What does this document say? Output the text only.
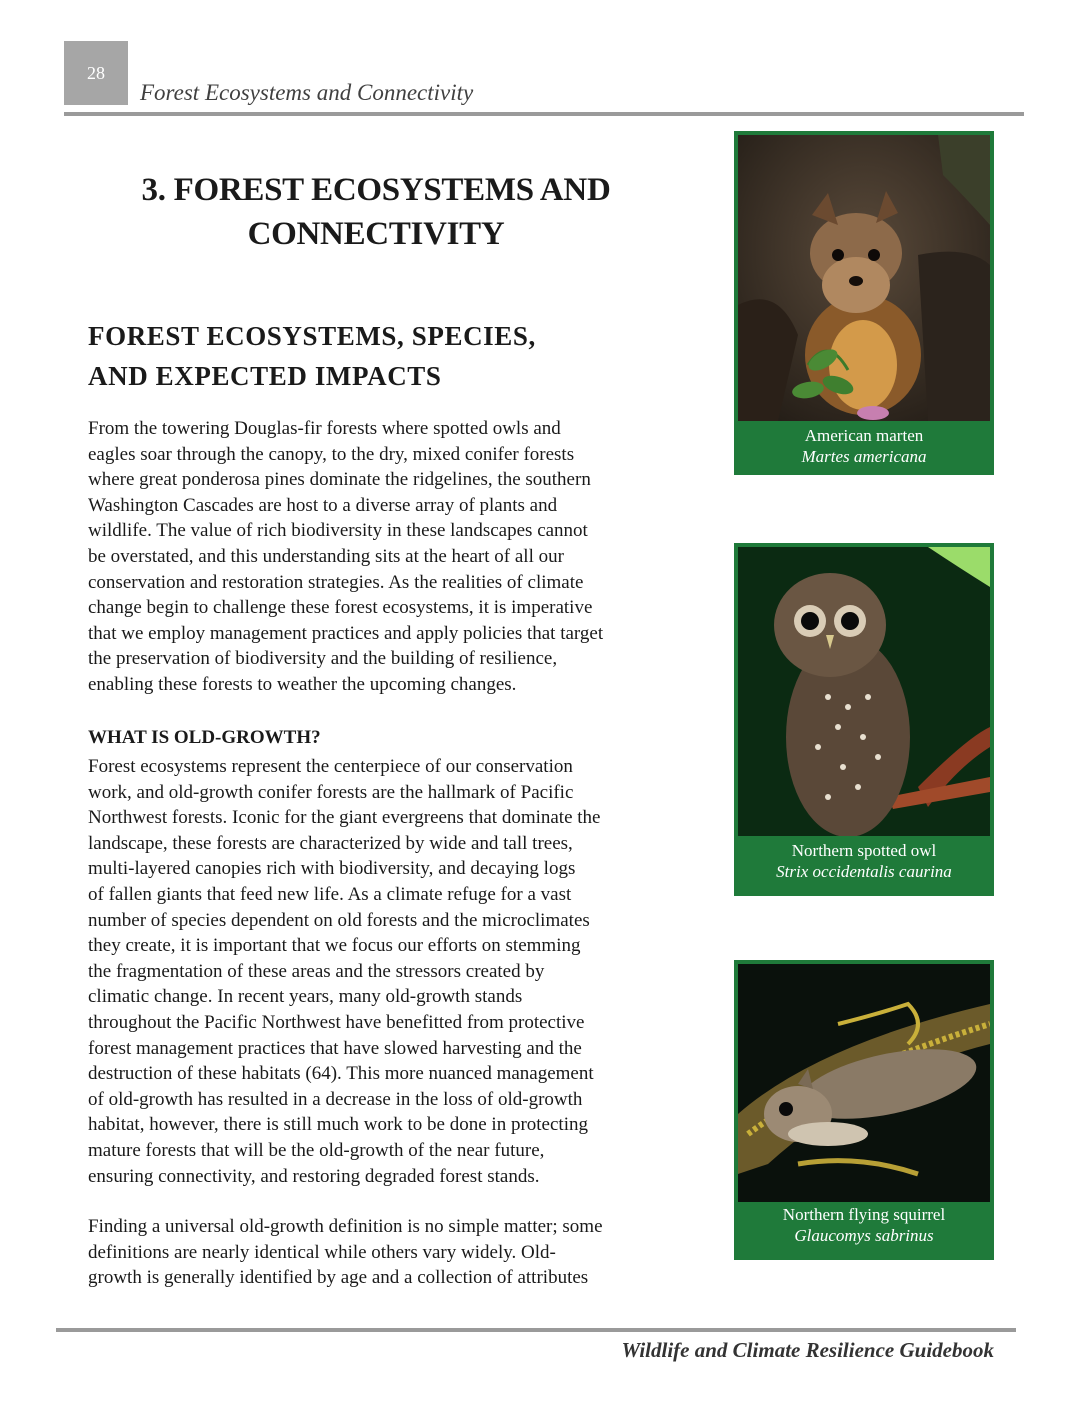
28
Forest Ecosystems and Connectivity
3. FOREST ECOSYSTEMS AND
CONNECTIVITY
FOREST ECOSYSTEMS, SPECIES,
AND EXPECTED IMPACTS
From the towering Douglas-fir forests where spotted owls and
eagles soar through the canopy, to the dry, mixed conifer forests
where great ponderosa pines dominate the ridgelines, the southern
Washington Cascades are host to a diverse array of plants and
wildlife. The value of rich biodiversity in these landscapes cannot
be overstated, and this understanding sits at the heart of all our
conservation and restoration strategies. As the realities of climate
change begin to challenge these forest ecosystems, it is imperative
that we employ management practices and apply policies that target
the preservation of biodiversity and the building of resilience,
enabling these forests to weather the upcoming changes.
WHAT IS OLD-GROWTH?
Forest ecosystems represent the centerpiece of our conservation
work, and old-growth conifer forests are the hallmark of Pacific
Northwest forests. Iconic for the giant evergreens that dominate the
landscape, these forests are characterized by wide and tall trees,
multi-layered canopies rich with biodiversity, and decaying logs
of fallen giants that feed new life. As a climate refuge for a vast
number of species dependent on old forests and the microclimates
they create, it is important that we focus our efforts on stemming
the fragmentation of these areas and the stressors created by
climatic change. In recent years, many old-growth stands
throughout the Pacific Northwest have benefitted from protective
forest management practices that have slowed harvesting and the
destruction of these habitats (64). This more nuanced management
of old-growth has resulted in a decrease in the loss of old-growth
habitat, however, there is still much work to be done in protecting
mature forests that will be the old-growth of the near future,
ensuring connectivity, and restoring degraded forest stands.
Finding a universal old-growth definition is no simple matter; some
definitions are nearly identical while others vary widely. Old-
growth is generally identified by age and a collection of attributes
American marten
Martes americana
Northern spotted owl
Strix occidentalis caurina
Northern flying squirrel
Glaucomys sabrinus
Wildlife and Climate Resilience Guidebook
